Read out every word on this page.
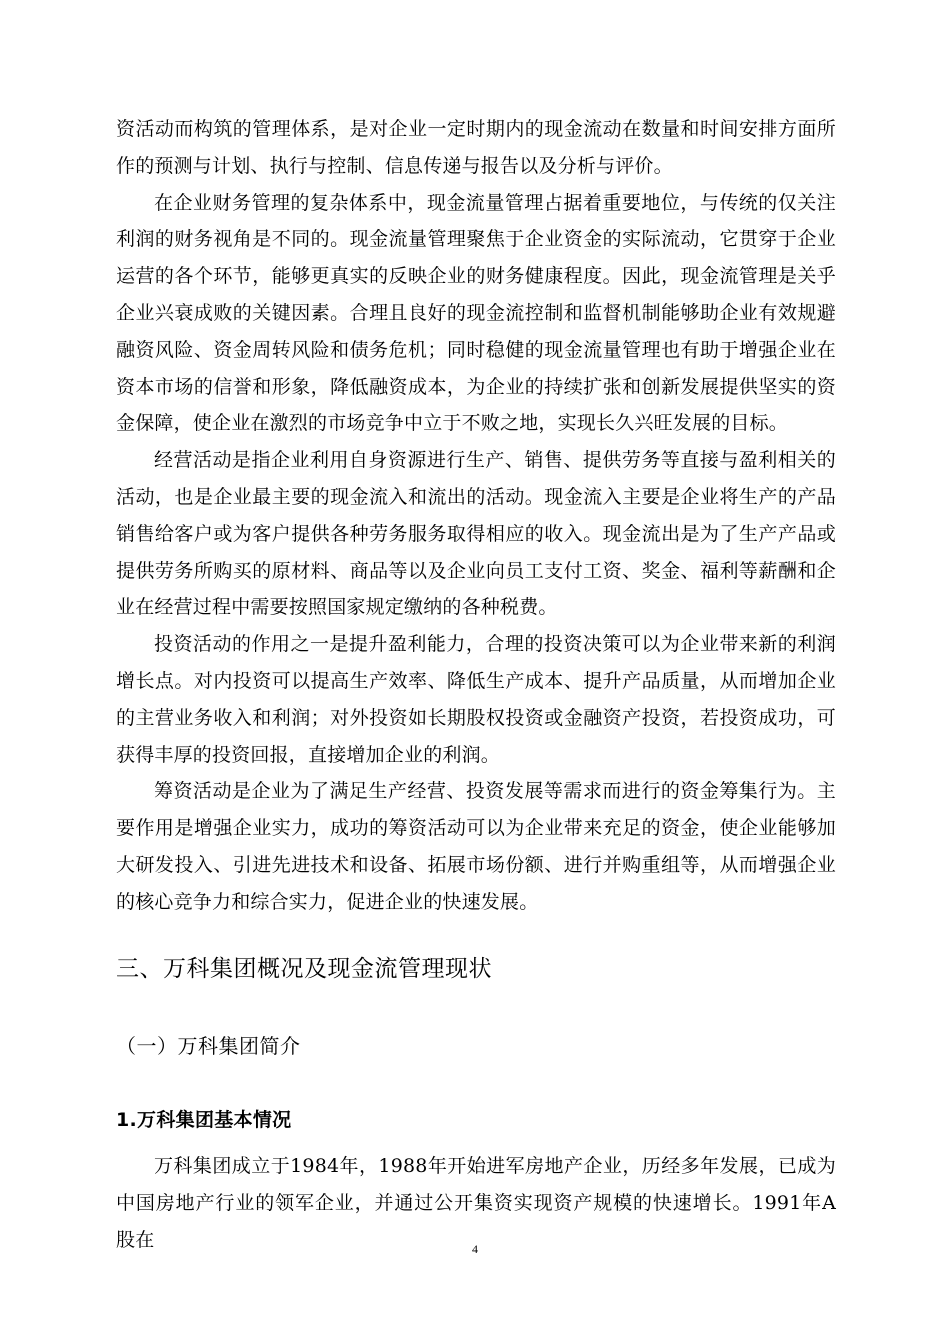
资活动而构筑的管理体系，是对企业一定时期内的现金流动在数量和时间安排方面所作的预测与计划、执行与控制、信息传递与报告以及分析与评价。

在企业财务管理的复杂体系中，现金流量管理占据着重要地位，与传统的仅关注利润的财务视角是不同的。现金流量管理聚焦于企业资金的实际流动，它贯穿于企业运营的各个环节，能够更真实的反映企业的财务健康程度。因此，现金流管理是关乎企业兴衰成败的关键因素。合理且良好的现金流控制和监督机制能够助企业有效规避融资风险、资金周转风险和债务危机；同时稳健的现金流量管理也有助于增强企业在资本市场的信誉和形象，降低融资成本，为企业的持续扩张和创新发展提供坚实的资金保障，使企业在激烈的市场竞争中立于不败之地，实现长久兴旺发展的目标。

经营活动是指企业利用自身资源进行生产、销售、提供劳务等直接与盈利相关的活动，也是企业最主要的现金流入和流出的活动。现金流入主要是企业将生产的产品销售给客户或为客户提供各种劳务服务取得相应的收入。现金流出是为了生产产品或提供劳务所购买的原材料、商品等以及企业向员工支付工资、奖金、福利等薪酬和企业在经营过程中需要按照国家规定缴纳的各种税费。

投资活动的作用之一是提升盈利能力，合理的投资决策可以为企业带来新的利润增长点。对内投资可以提高生产效率、降低生产成本、提升产品质量，从而增加企业的主营业务收入和利润；对外投资如长期股权投资或金融资产投资，若投资成功，可获得丰厚的投资回报，直接增加企业的利润。

筹资活动是企业为了满足生产经营、投资发展等需求而进行的资金筹集行为。主要作用是增强企业实力，成功的筹资活动可以为企业带来充足的资金，使企业能够加大研发投入、引进先进技术和设备、拓展市场份额、进行并购重组等，从而增强企业的核心竞争力和综合实力，促进企业的快速发展。

三、万科集团概况及现金流管理现状
（一）万科集团简介
1.万科集团基本情况

万科集团成立于1984年，1988年开始进军房地产企业，历经多年发展，已成为中国房地产行业的领军企业，并通过公开集资实现资产规模的快速增长。1991年A 股在	4
